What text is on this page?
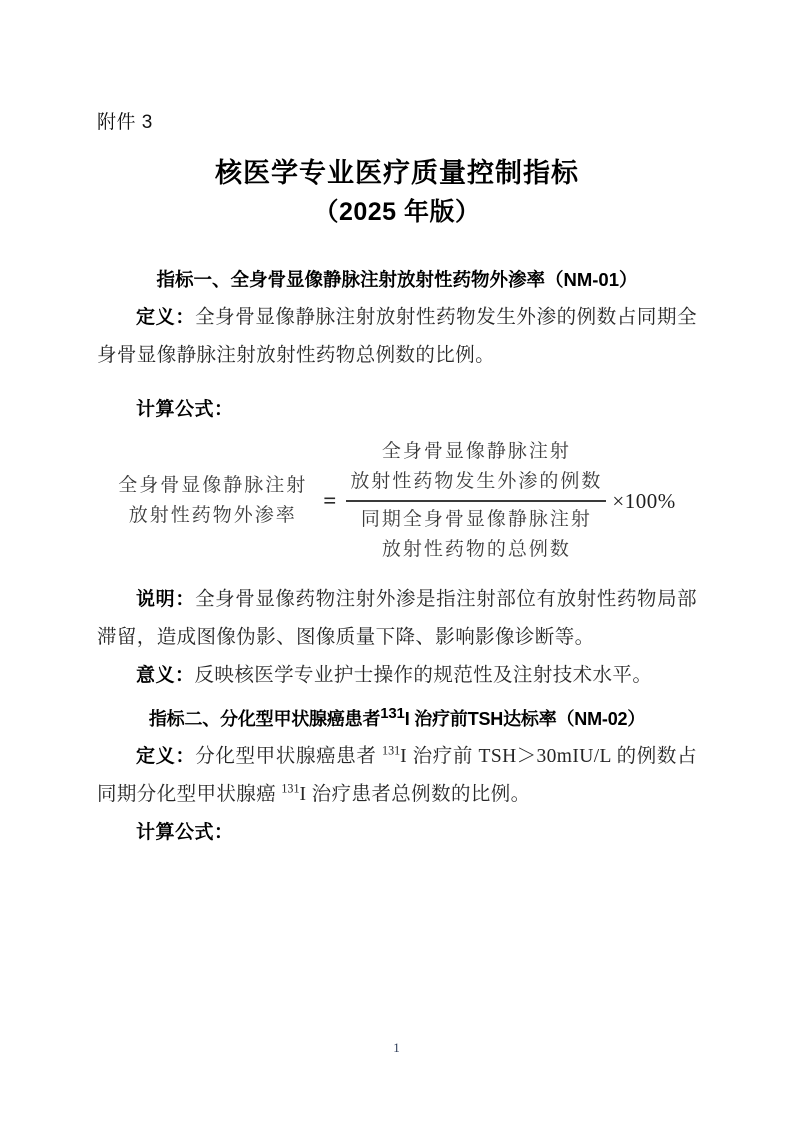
附件 3
核医学专业医疗质量控制指标
（2025 年版）
指标一、全身骨显像静脉注射放射性药物外渗率（NM-01）

定义：全身骨显像静脉注射放射性药物发生外渗的例数占同期全身骨显像静脉注射放射性药物总例数的比例。

计算公式：

全身骨显像静脉注射
放射性药物外渗率
=
全身骨显像静脉注射
放射性药物发生外渗的例数
同期全身骨显像静脉注射
放射性药物的总例数
×100%

说明：全身骨显像药物注射外渗是指注射部位有放射性药物局部滞留，造成图像伪影、图像质量下降、影响影像诊断等。

意义：反映核医学专业护士操作的规范性及注射技术水平。

指标二、分化型甲状腺癌患者$^{131}$I 治疗前TSH达标率（NM-02）

定义：分化型甲状腺癌患者 $^{131}$I 治疗前 TSH＞30mIU/L 的例数占同期分化型甲状腺癌 $^{131}$I 治疗患者总例数的比例。

计算公式：

1
